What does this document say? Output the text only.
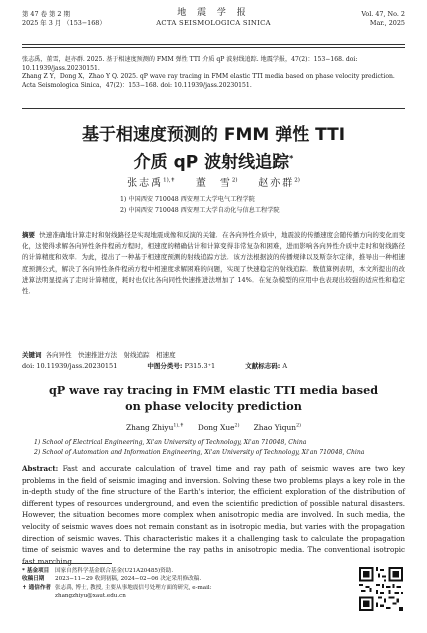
第 47 卷 第 2 期
2025 年 3 月 （153−168）
地 震 学 报
ACTA SEISMOLOGICA SINICA
Vol. 47, No. 2
Mar., 2025
张志禹，董雪，赵亦群. 2025. 基于相速度预测的 FMM 弹性 TTI 介质 qP 波射线追踪. 地震学报，47(2)：153−168. doi: 10.11939/jass.20230151.
Zhang Z Y，Dong X，Zhao Y Q. 2025. qP wave ray tracing in FMM elastic TTI media based on phase velocity prediction. Acta Seismologica Sinica，47(2)：153−168. doi: 10.11939/jass.20230151.
基于相速度预测的 FMM 弹性 TTI
介质 qP 波射线追踪*
张志禹$^{1),✝}$ 董　雪$^{2)}$ 赵亦群$^{2)}$
1) 中国西安 710048 西安理工大学电气工程学院
2) 中国西安 710048 西安理工大学自动化与信息工程学院
摘要 快速准确地计算走时和射线路径是实现地震成像和反演的关键．在各向异性介质中，地震波的传播速度会随传播方向的变化而变化，这使得求解各向异性条件程函方程时，相速度的精确估计和计算变得非常复杂和困难，进而影响各向异性介质中走时和射线路径的计算精度和效率．为此，提出了一种基于相速度预测的射线追踪方法．该方法根据波的传播规律以及斯奈尔定律，推导出一种相速度预测公式，解决了各向异性条件程函方程中相速度求解困难的问题，实现了快速稳定的射线追踪．数值算例表明，本文所提出的改进算法明显提高了走时计算精度，耗时也仅比各向同性快速推进法增加了 14%．在复杂模型的应用中也表现出较强的适应性和稳定性．
关键词 各向异性　快速推进方法　射线追踪　相速度
doi: 10.11939/jass.20230151	中图分类号: P315.3⁺1	文献标志码: A
qP wave ray tracing in FMM elastic TTI media based
on phase velocity prediction
Zhang Zhiyu$^{1),✝}$ Dong Xue$^{2)}$ Zhao Yiqun$^{2)}$
1) School of Electrical Engineering, Xi'an University of Technology, Xi'an 710048, China
2) School of Automation and Information Engineering, Xi'an University of Technology, Xi'an 710048, China
Abstract: Fast and accurate calculation of travel time and ray path of seismic waves are two key problems in the field of seismic imaging and inversion. Solving these two problems plays a key role in the in-depth study of the fine structure of the Earth's interior, the efficient exploration of the distribution of different types of resources underground, and even the scientific prediction of possible natural disasters. However, the situation becomes more complex when anisotropic media are involved. In such media, the velocity of seismic waves does not remain constant as in isotropic media, but varies with the propagation direction of seismic waves. This characteristic makes it a challenging task to calculate the propagation time of seismic waves and to determine the ray paths in anisotropic media. The conventional isotropic fast marching
* 基金项目	国家自然科学基金联合基金(U21A20485)资助.
收稿日期	2023−11−29 收到初稿, 2024−02−06 决定采用修改稿.
✝ 通信作者	张志禹, 博士, 教授, 主要从事地震信号处理方面的研究, e-mail:
	zhangzhiyu@xaut.edu.cn
